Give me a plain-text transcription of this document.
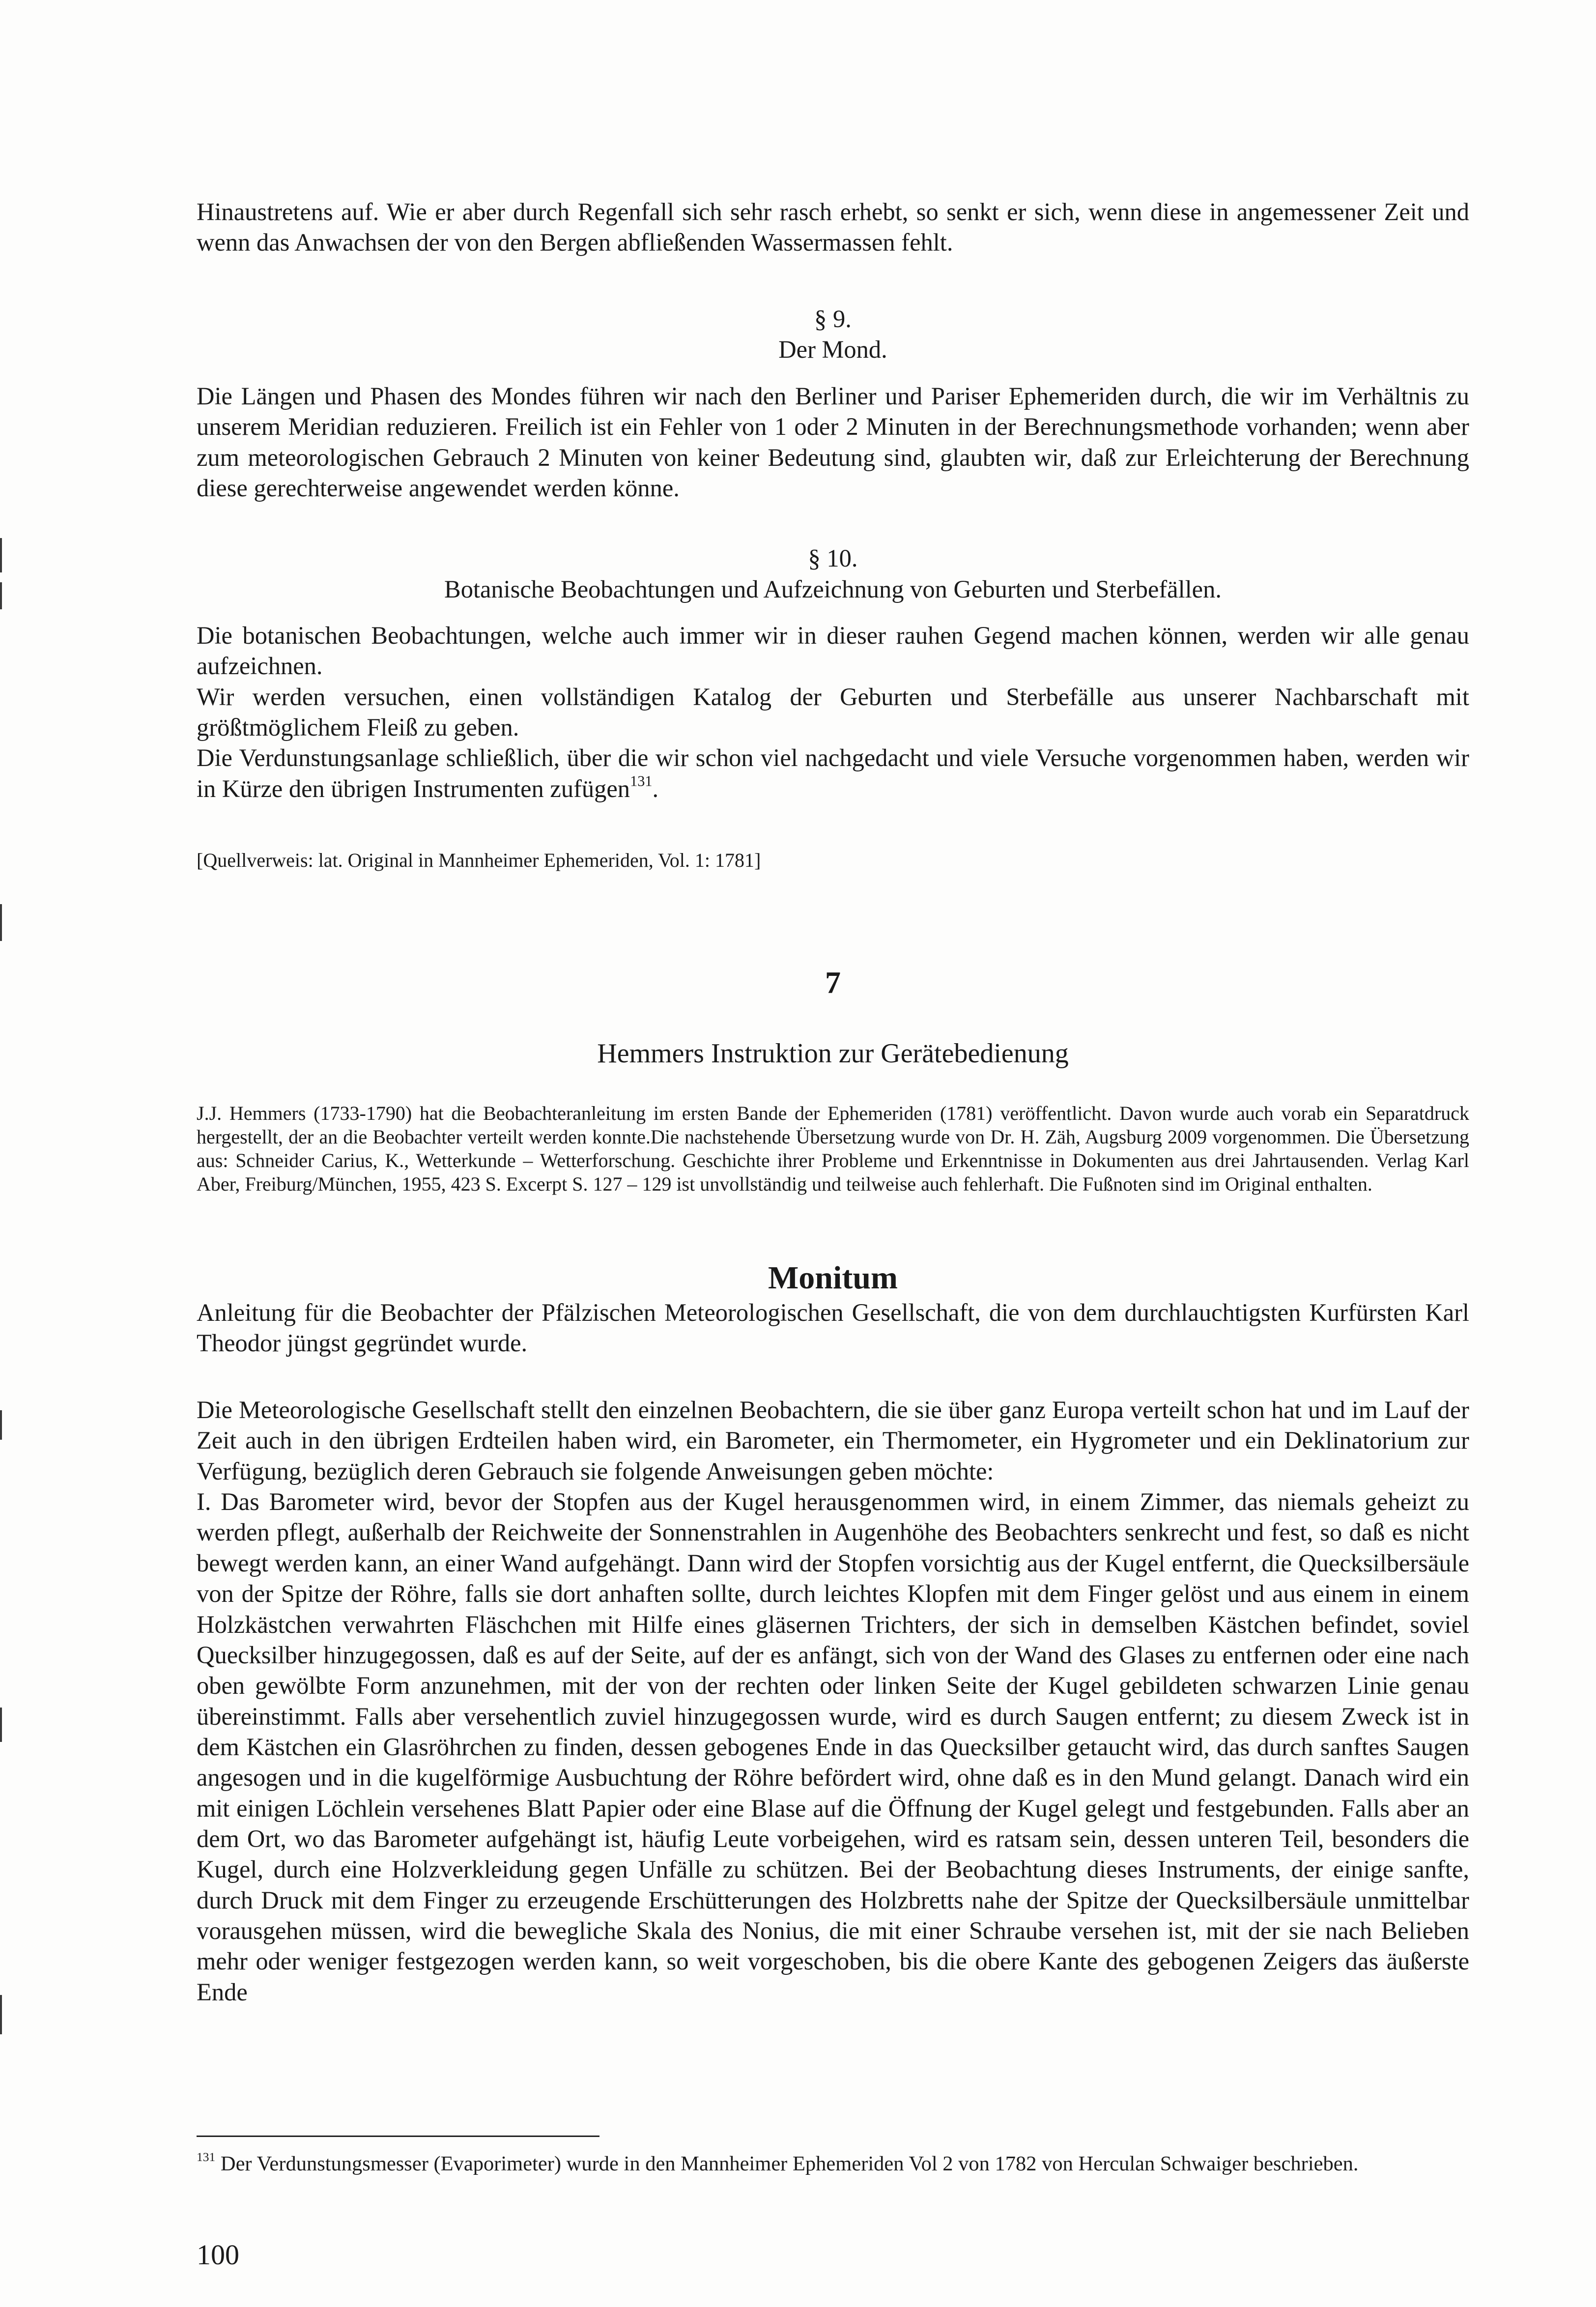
Hinaustretens auf. Wie er aber durch Regenfall sich sehr rasch erhebt, so senkt er sich, wenn diese in angemessener Zeit und wenn das Anwachsen der von den Bergen abfließenden Wassermassen fehlt.

§ 9.
Der Mond.

Die Längen und Phasen des Mondes führen wir nach den Berliner und Pariser Ephemeriden durch, die wir im Verhältnis zu unserem Meridian reduzieren. Freilich ist ein Fehler von 1 oder 2 Minuten in der Berechnungsmethode vorhanden; wenn aber zum meteorologischen Gebrauch 2 Minuten von keiner Bedeutung sind, glaubten wir, daß zur Erleichterung der Berechnung diese gerechterweise angewendet werden könne.

§ 10.
Botanische Beobachtungen und Aufzeichnung von Geburten und Sterbefällen.

Die botanischen Beobachtungen, welche auch immer wir in dieser rauhen Gegend machen können, werden wir alle genau aufzeichnen.

Wir werden versuchen, einen vollständigen Katalog der Geburten und Sterbefälle aus unserer Nachbarschaft mit größtmöglichem Fleiß zu geben.

Die Verdunstungsanlage schließlich, über die wir schon viel nachgedacht und viele Versuche vorgenommen haben, werden wir in Kürze den übrigen Instrumenten zufügen$^{131}$.

[Quellverweis: lat. Original in Mannheimer Ephemeriden, Vol. 1: 1781]
7
Hemmers Instruktion zur Gerätebedienung
J.J. Hemmers (1733-1790) hat die Beobachteranleitung im ersten Bande der Ephemeriden (1781) veröffentlicht. Davon wurde auch vorab ein Separatdruck hergestellt, der an die Beobachter verteilt werden konnte.Die nachstehende Übersetzung wurde von Dr. H. Zäh, Augsburg 2009 vorgenommen. Die Übersetzung aus: Schneider Carius, K., Wetterkunde – Wetterforschung. Geschichte ihrer Probleme und Erkenntnisse in Dokumenten aus drei Jahrtausenden. Verlag Karl Aber, Freiburg/München, 1955, 423 S. Excerpt S. 127 – 129 ist unvollständig und teilweise auch fehlerhaft. Die Fußnoten sind im Original enthalten.
Monitum

Anleitung für die Beobachter der Pfälzischen Meteorologischen Gesellschaft, die von dem durchlauchtigsten Kurfürsten Karl Theodor jüngst gegründet wurde.

Die Meteorologische Gesellschaft stellt den einzelnen Beobachtern, die sie über ganz Europa verteilt schon hat und im Lauf der Zeit auch in den übrigen Erdteilen haben wird, ein Barometer, ein Thermometer, ein Hygrometer und ein Deklinatorium zur Verfügung, bezüglich deren Gebrauch sie folgende Anweisungen geben möchte:

I. Das Barometer wird, bevor der Stopfen aus der Kugel herausgenommen wird, in einem Zimmer, das niemals geheizt zu werden pflegt, außerhalb der Reichweite der Sonnenstrahlen in Augenhöhe des Beobachters senkrecht und fest, so daß es nicht bewegt werden kann, an einer Wand aufgehängt. Dann wird der Stopfen vorsichtig aus der Kugel entfernt, die Quecksilbersäule von der Spitze der Röhre, falls sie dort anhaften sollte, durch leichtes Klopfen mit dem Finger gelöst und aus einem in einem Holzkästchen verwahrten Fläschchen mit Hilfe eines gläsernen Trichters, der sich in demselben Kästchen befindet, soviel Quecksilber hinzugegossen, daß es auf der Seite, auf der es anfängt, sich von der Wand des Glases zu entfernen oder eine nach oben gewölbte Form anzunehmen, mit der von der rechten oder linken Seite der Kugel gebildeten schwarzen Linie genau übereinstimmt. Falls aber versehentlich zuviel hinzugegossen wurde, wird es durch Saugen entfernt; zu diesem Zweck ist in dem Kästchen ein Glasröhrchen zu finden, dessen gebogenes Ende in das Quecksilber getaucht wird, das durch sanftes Saugen angesogen und in die kugelförmige Ausbuchtung der Röhre befördert wird, ohne daß es in den Mund gelangt. Danach wird ein mit einigen Löchlein versehenes Blatt Papier oder eine Blase auf die Öffnung der Kugel gelegt und festgebunden. Falls aber an dem Ort, wo das Barometer aufgehängt ist, häufig Leute vorbeigehen, wird es ratsam sein, dessen unteren Teil, besonders die Kugel, durch eine Holzverkleidung gegen Unfälle zu schützen. Bei der Beobachtung dieses Instruments, der einige sanfte, durch Druck mit dem Finger zu erzeugende Erschütterungen des Holzbretts nahe der Spitze der Quecksilbersäule unmittelbar vorausgehen müssen, wird die bewegliche Skala des Nonius, die mit einer Schraube versehen ist, mit der sie nach Belieben mehr oder weniger festgezogen werden kann, so weit vorgeschoben, bis die obere Kante des gebogenen Zeigers das äußerste Ende

$^{131}$ Der Verdunstungsmesser (Evaporimeter) wurde in den Mannheimer Ephemeriden Vol 2 von 1782 von Herculan Schwaiger beschrieben.
100
